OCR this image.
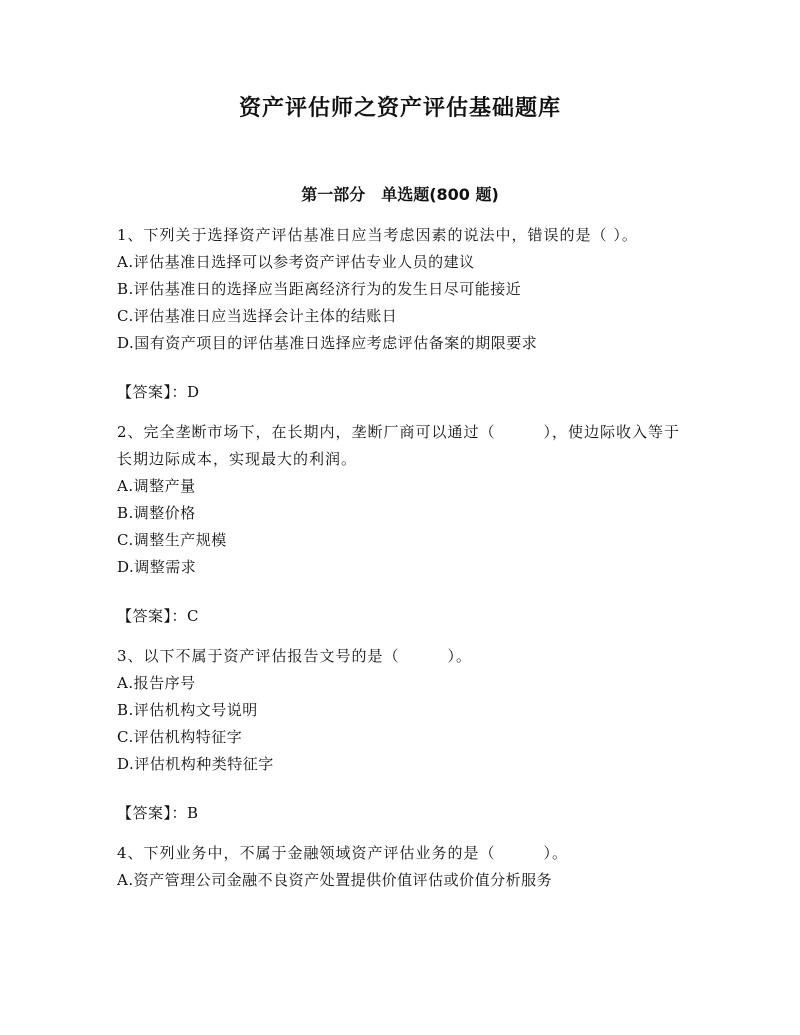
资产评估师之资产评估基础题库
第一部分　单选题(800 题)

1、下列关于选择资产评估基准日应当考虑因素的说法中，错误的是（ ）。

A.评估基准日选择可以参考资产评估专业人员的建议

B.评估基准日的选择应当距离经济行为的发生日尽可能接近

C.评估基准日应当选择会计主体的结账日

D.国有资产项目的评估基准日选择应考虑评估备案的期限要求

【答案】：D

2、完全垄断市场下，在长期内，垄断厂商可以通过（　　　），使边际收入等于长期边际成本，实现最大的利润。

A.调整产量

B.调整价格

C.调整生产规模

D.调整需求

【答案】：C

3、以下不属于资产评估报告文号的是（　　　）。

A.报告序号

B.评估机构文号说明

C.评估机构特征字

D.评估机构种类特征字

【答案】：B

4、下列业务中，不属于金融领域资产评估业务的是（　　　）。

A.资产管理公司金融不良资产处置提供价值评估或价值分析服务
